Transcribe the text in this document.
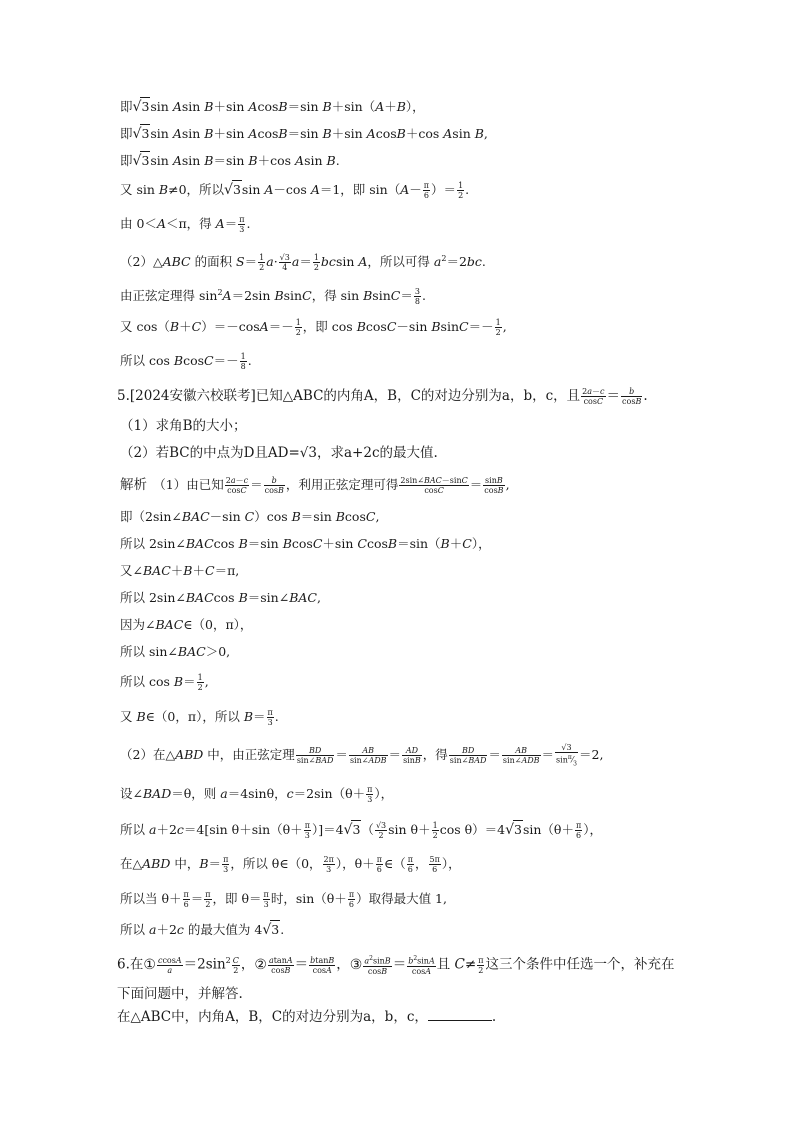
即√3sin Asin B＋sin AcosB＝sin B＋sin（A＋B），
即√3sin Asin B＋sin AcosB＝sin B＋sin AcosB＋cos Asin B,
即√3sin Asin B＝sin B＋cos Asin B.
又 sin B≠0，所以√3sin A－cos A＝1，即 $\sin(A- \frac{\pi}{6}$ ）＝ $\frac{1}{2}$ .
由 0＜A＜π，得 $A= \frac{\pi}{3}$ .
（2）△ABC 的面积 $S= \frac{1}{2} a\cdot \frac{√3}{4} a= \frac{1}{2}$ bcsin A，所以可得 $a^2=2bc$.
由正弦定理得 $\sin^2A=2\sin$ BsinC，得 $\sin BsinC= \frac{3}{8}$ .
又 $\cos(B+C)=-\cos A=- \frac{1}{2}$ ，即 cos BcosC－sin $BsinC=- \frac{1}{2}$ ,
所以 $\cos BcosC=- \frac{1}{8}$ .
5.[2024安徽六校联考]已知△ABC的内角A，B，C的对边分别为a，b，c，且 $\frac{2a-c}{\cos C} = \frac{b}{\cos B}$ .
（1）求角B的大小；
（2）若BC的中点为D且AD=√3，求a+2c的最大值.
解析　（1）由已知 $\frac{2a-c}{\cos C} = \frac{b}{\cos B}$ ，利用正弦定理可得 2sin∠BAC－sinC
cosC	＝ $\frac{\sin B}{\cos B}$ ,
即（2sin∠BAC－sin C）cos B＝sin BcosC,
所以 2sin∠BACcos B＝sin BcosC＋sin CcosB＝sin（B＋C），
又∠BAC＋B＋C＝π,
所以 2sin∠BACcos B＝sin∠BAC,
因为∠BAC∈（0，π），
所以 sin∠BAC＞0,
所以 $\cos B= \frac{1}{2}$ ,
又 B∈（0，π），所以 $B= \frac{\pi}{3}$ .
（2）在△ABD 中，由正弦定理	BD
sin∠BAD ＝	AB
sin∠ADB ＝ $\frac{AD}{\sin B}$ ，得	BD
sin∠BAD ＝	AB
sin∠ADB ＝ $\frac{√3}{\sin^\pi⁄_3} =2$,
设∠BAD＝θ，则 a＝4sinθ，$c=2\sin(\theta+ \frac{\pi}{3}$ ），
所以 a＋2c＝4[sin $\theta+\sin(\theta+ \frac{\pi}{3} )]=4√3( \frac{√3}{2}$ $\sin \theta+ \frac{1}{2}$ $\cos \theta)=4√3\sin(\theta+ \frac{\pi}{6}$ ），
在△ABD 中，$B= \frac{\pi}{3}$ ，所以 θ∈（0， $\frac{2\pi}{3}$ ），$\theta+ \frac{\pi}{6}$ ∈（ $\frac{\pi}{6}$ ， $\frac{5\pi}{6}$ ），
所以当 $\theta+ \frac{\pi}{6} = \frac{\pi}{2}$ ，即 $\theta= \frac{\pi}{3}$ 时，$\sin(\theta+ \frac{\pi}{6}$ ）取得最大值 1,
所以 a＋2c 的最大值为 4√3.
6.在① $\frac{ccosA}{a} =2\sin^2 \frac{C}{2}$ ，② $\frac{atanA}{\cos B} = \frac{btanB}{\cos A}$ ，③ $\frac{a^2\sin B}{\cos B} = \frac{b^2\sin A}{\cos A}$ 且 $C\ne \frac{\pi}{2}$ 这三个条件中任选一个，补充在
下面问题中，并解答.
在△ABC中，内角A，B，C的对边分别为a，b，c，	.
